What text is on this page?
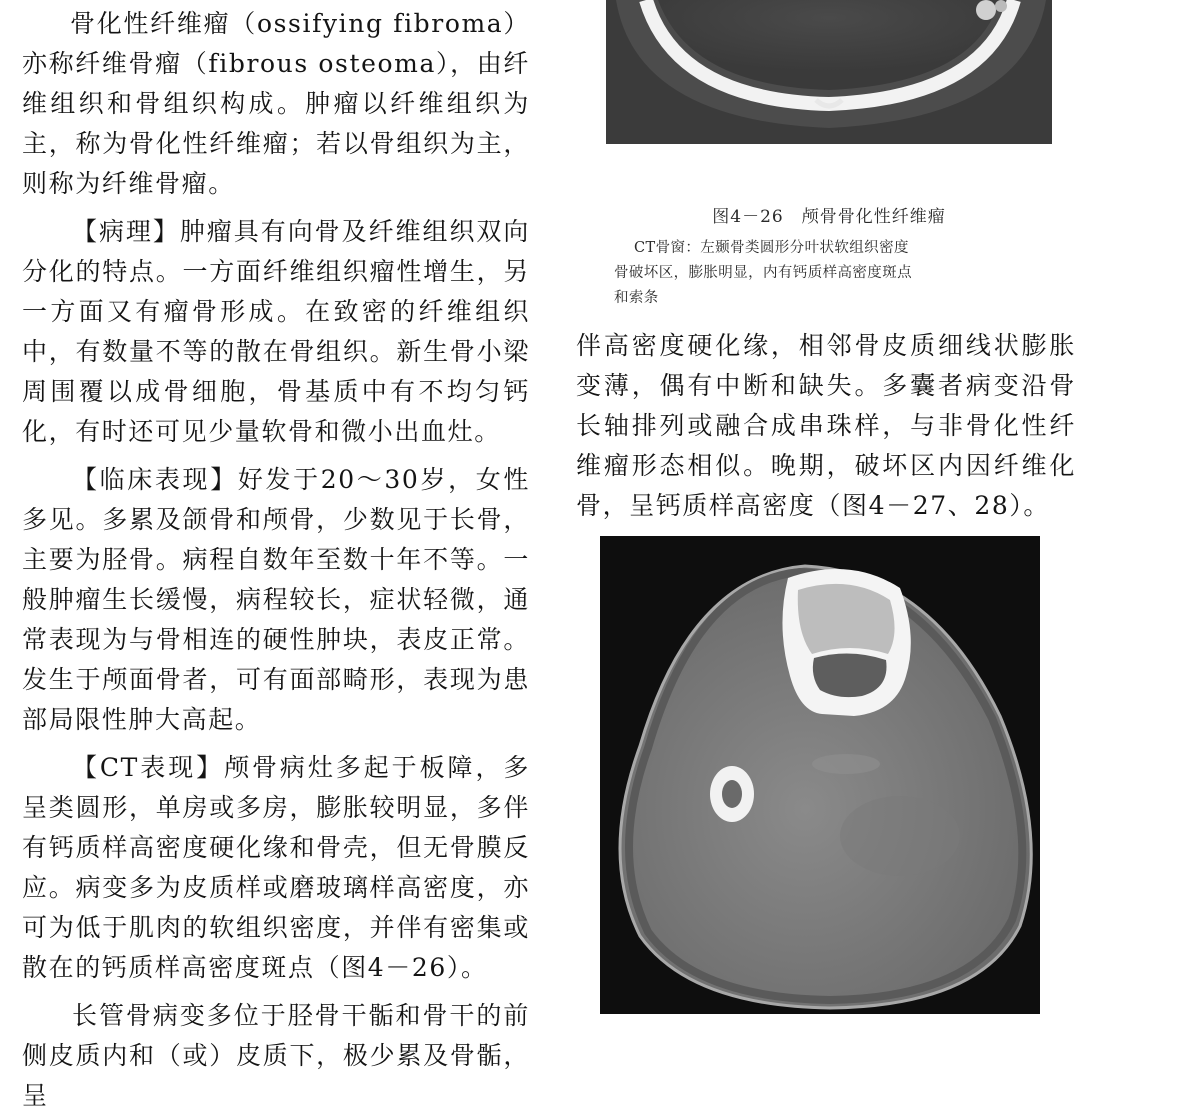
骨化性纤维瘤（ossifying fibroma）亦称纤维骨瘤（fibrous osteoma），由纤维组织和骨组织构成。肿瘤以纤维组织为主，称为骨化性纤维瘤；若以骨组织为主，则称为纤维骨瘤。

【病理】肿瘤具有向骨及纤维组织双向分化的特点。一方面纤维组织瘤性增生，另一方面又有瘤骨形成。在致密的纤维组织中，有数量不等的散在骨组织。新生骨小梁周围覆以成骨细胞，骨基质中有不均匀钙化，有时还可见少量软骨和微小出血灶。

【临床表现】好发于20～30岁，女性多见。多累及颌骨和颅骨，少数见于长骨，主要为胫骨。病程自数年至数十年不等。一般肿瘤生长缓慢，病程较长，症状轻微，通常表现为与骨相连的硬性肿块，表皮正常。发生于颅面骨者，可有面部畸形，表现为患部局限性肿大高起。

【CT表现】颅骨病灶多起于板障，多呈类圆形，单房或多房，膨胀较明显，多伴有钙质样高密度硬化缘和骨壳，但无骨膜反应。病变多为皮质样或磨玻璃样高密度，亦可为低于肌肉的软组织密度，并伴有密集或散在的钙质样高密度斑点（图4－26）。

长管骨病变多位于胫骨干骺和骨干的前侧皮质内和（或）皮质下，极少累及骨骺，呈

图4－26　颅骨骨化性纤维瘤
CT骨窗：左颞骨类圆形分叶状软组织密度
骨破坏区，膨胀明显，内有钙质样高密度斑点
和索条

伴高密度硬化缘，相邻骨皮质细线状膨胀变薄，偶有中断和缺失。多囊者病变沿骨长轴排列或融合成串珠样，与非骨化性纤维瘤形态相似。晚期，破坏区内因纤维化骨，呈钙质样高密度（图4－27、28）。
